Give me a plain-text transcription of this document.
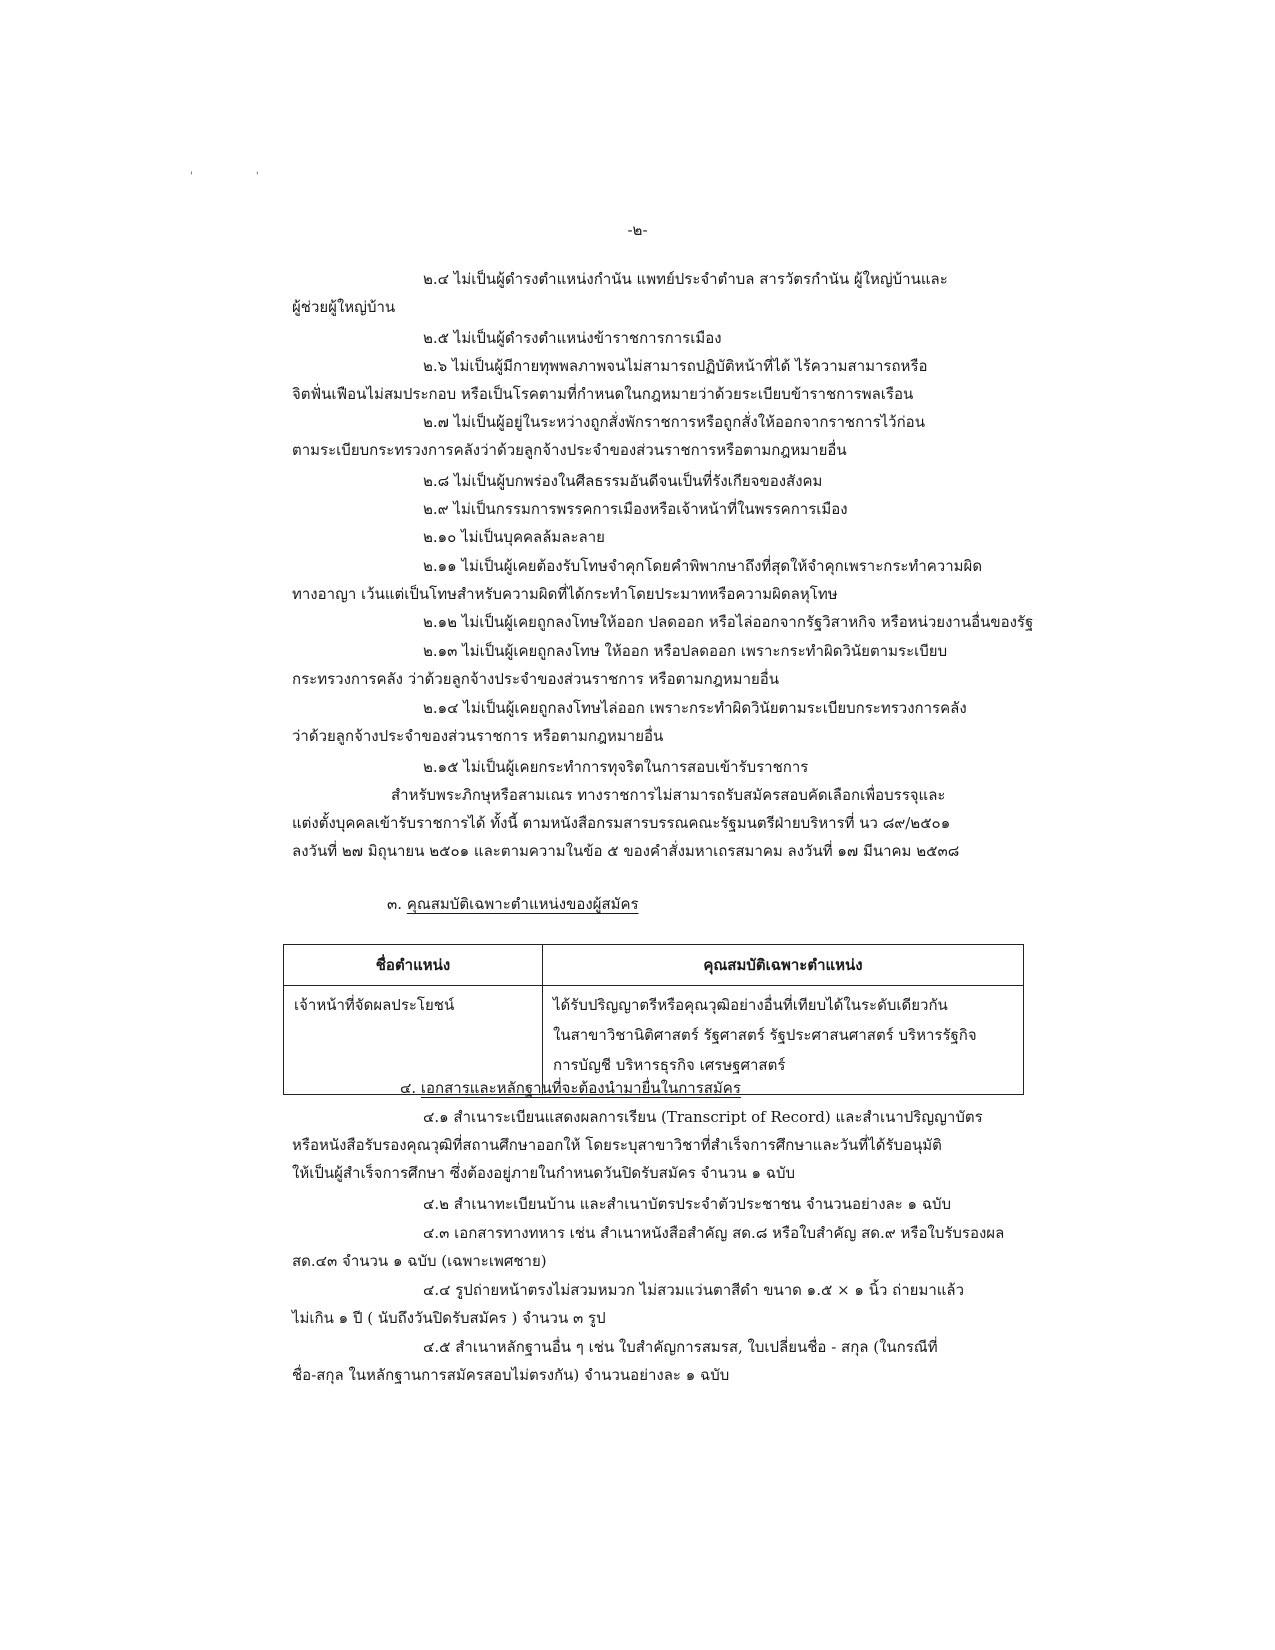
' '
-๒-
๒.๔ ไม่เป็นผู้ดำรงตำแหน่งกำนัน แพทย์ประจำตำบล สารวัตรกำนัน ผู้ใหญ่บ้านและ
ผู้ช่วยผู้ใหญ่บ้าน
๒.๕ ไม่เป็นผู้ดำรงตำแหน่งข้าราชการการเมือง
๒.๖ ไม่เป็นผู้มีกายทุพพลภาพจนไม่สามารถปฏิบัติหน้าที่ได้ ไร้ความสามารถหรือ
จิตฟั่นเฟือนไม่สมประกอบ หรือเป็นโรคตามที่กำหนดในกฎหมายว่าด้วยระเบียบข้าราชการพลเรือน
๒.๗ ไม่เป็นผู้อยู่ในระหว่างถูกสั่งพักราชการหรือถูกสั่งให้ออกจากราชการไว้ก่อน
ตามระเบียบกระทรวงการคลังว่าด้วยลูกจ้างประจำของส่วนราชการหรือตามกฎหมายอื่น
๒.๘ ไม่เป็นผู้บกพร่องในศีลธรรมอันดีจนเป็นที่รังเกียจของสังคม
๒.๙ ไม่เป็นกรรมการพรรคการเมืองหรือเจ้าหน้าที่ในพรรคการเมือง
๒.๑๐ ไม่เป็นบุคคลล้มละลาย
๒.๑๑ ไม่เป็นผู้เคยต้องรับโทษจำคุกโดยคำพิพากษาถึงที่สุดให้จำคุกเพราะกระทำความผิด
ทางอาญา เว้นแต่เป็นโทษสำหรับความผิดที่ได้กระทำโดยประมาทหรือความผิดลหุโทษ
๒.๑๒ ไม่เป็นผู้เคยถูกลงโทษให้ออก ปลดออก หรือไล่ออกจากรัฐวิสาหกิจ หรือหน่วยงานอื่นของรัฐ
๒.๑๓ ไม่เป็นผู้เคยถูกลงโทษ ให้ออก หรือปลดออก เพราะกระทำผิดวินัยตามระเบียบ
กระทรวงการคลัง ว่าด้วยลูกจ้างประจำของส่วนราชการ หรือตามกฎหมายอื่น
๒.๑๔ ไม่เป็นผู้เคยถูกลงโทษไล่ออก เพราะกระทำผิดวินัยตามระเบียบกระทรวงการคลัง
ว่าด้วยลูกจ้างประจำของส่วนราชการ หรือตามกฎหมายอื่น
๒.๑๕ ไม่เป็นผู้เคยกระทำการทุจริตในการสอบเข้ารับราชการ
สำหรับพระภิกษุหรือสามเณร ทางราชการไม่สามารถรับสมัครสอบคัดเลือกเพื่อบรรจุและ
แต่งตั้งบุคคลเข้ารับราชการได้ ทั้งนี้ ตามหนังสือกรมสารบรรณคณะรัฐมนตรีฝ่ายบริหารที่ นว ๘๙/๒๕๐๑
ลงวันที่ ๒๗ มิถุนายน ๒๕๐๑ และตามความในข้อ ๕ ของคำสั่งมหาเถรสมาคม ลงวันที่ ๑๗ มีนาคม ๒๕๓๘
๓. คุณสมบัติเฉพาะตำแหน่งของผู้สมัคร
ชื่อตำแหน่ง	คุณสมบัติเฉพาะตำแหน่ง
เจ้าหน้าที่จัดผลประโยชน์	ได้รับปริญญาตรีหรือคุณวุฒิอย่างอื่นที่เทียบได้ในระดับเดียวกัน
ในสาขาวิชานิติศาสตร์ รัฐศาสตร์ รัฐประศาสนศาสตร์ บริหารรัฐกิจ
การบัญชี บริหารธุรกิจ เศรษฐศาสตร์
๔. เอกสารและหลักฐานที่จะต้องนำมายื่นในการสมัคร
๔.๑ สำเนาระเบียนแสดงผลการเรียน (Transcript of Record) และสำเนาปริญญาบัตร
หรือหนังสือรับรองคุณวุฒิที่สถานศึกษาออกให้ โดยระบุสาขาวิชาที่สำเร็จการศึกษาและวันที่ได้รับอนุมัติ
ให้เป็นผู้สำเร็จการศึกษา ซึ่งต้องอยู่ภายในกำหนดวันปิดรับสมัคร จำนวน ๑ ฉบับ
๔.๒ สำเนาทะเบียนบ้าน และสำเนาบัตรประจำตัวประชาชน จำนวนอย่างละ ๑ ฉบับ
๔.๓ เอกสารทางทหาร เช่น สำเนาหนังสือสำคัญ สด.๘ หรือใบสำคัญ สด.๙ หรือใบรับรองผล
สด.๔๓ จำนวน ๑ ฉบับ (เฉพาะเพศชาย)
๔.๔ รูปถ่ายหน้าตรงไม่สวมหมวก ไม่สวมแว่นตาสีดำ ขนาด ๑.๕ × ๑ นิ้ว ถ่ายมาแล้ว
ไม่เกิน ๑ ปี ( นับถึงวันปิดรับสมัคร ) จำนวน ๓ รูป
๔.๕ สำเนาหลักฐานอื่น ๆ เช่น ใบสำคัญการสมรส, ใบเปลี่ยนชื่อ - สกุล (ในกรณีที่
ชื่อ-สกุล ในหลักฐานการสมัครสอบไม่ตรงกัน) จำนวนอย่างละ ๑ ฉบับ
